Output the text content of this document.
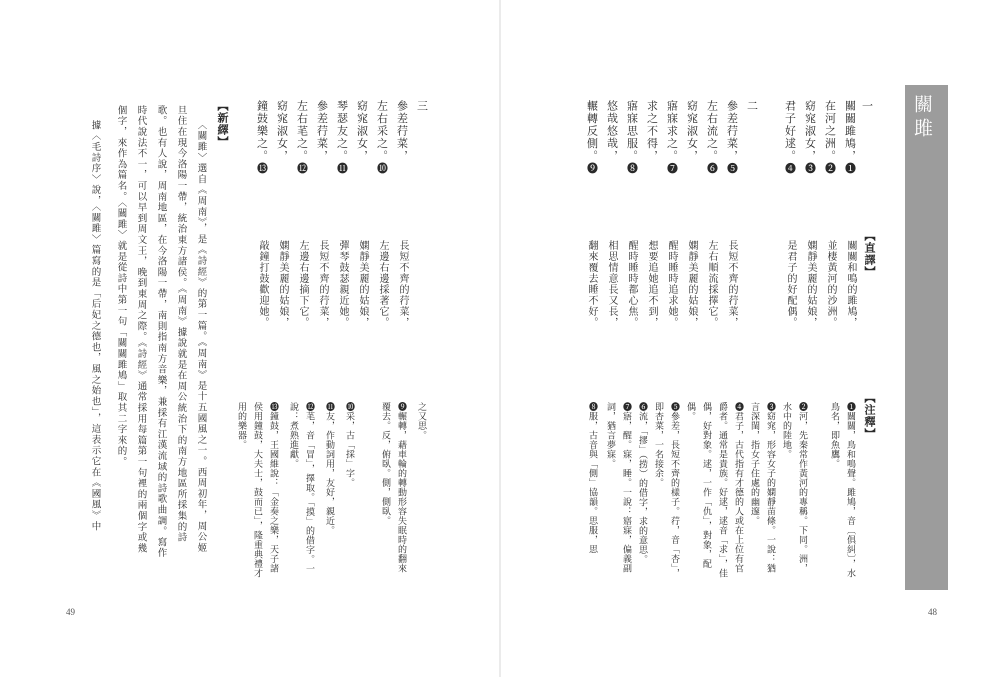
關雎
一
關關雎鳩，❶
在河之洲。❷
窈窕淑女，❸
君子好逑。❹
二
參差荇菜，❺
左右流之。❻
窈窕淑女，
寤寐求之。❼
求之不得，
寤寐思服。❽
悠哉悠哉，
輾轉反側。❾
【直譯】
關關和鳴的雎鳩，
並棲黃河的沙洲。
嫻靜美麗的姑娘，
是君子的好配偶。
長短不齊的荇菜，
左右順流採擇它。
嫻靜美麗的姑娘，
醒時睡時追求她。
想要追她追不到，
醒時睡時都心焦。
相思情意長又長，
翻來覆去睡不好。
【注釋】
❶關關，鳥和鳴聲。雎鳩，音〔俱糾〕，水鳥名，即魚鷹。
❷河，先秦常作黃河的專稱。下同。洲，水中的陸地。
❸窈窕，形容女子的嫻靜苗條。一說：猶言深閨，指女子住處的幽邃。
❹君子，古代指有才德的人或在上位有官爵者。通常是貴族。好逑，逑音「求」，佳偶，好對象。逑，一作「仇」，對象，配偶。
❺參差，長短不齊的樣子。荇，音「杏」，即杏菜，一名接余。
❻流，「摎」（捞）的借字，求的意思。
❼寤，醒。寐，睡。一說：寤寐，偏義副詞，猶言夢寐。
❽服，古音與「側」協韻。思服，思
48
三
參差荇菜，
左右采之。❿
窈窕淑女，
琴瑟友之。⓫
參差荇菜，
左右芼之。⓬
窈窕淑女，
鐘鼓樂之。⓭
長短不齊的荇菜，
左邊右邊採著它。
嫻靜美麗的姑娘，
彈琴鼓瑟親近她。
長短不齊的荇菜，
左邊右邊摘下它。
嫻靜美麗的姑娘，
敲鐘打鼓歡迎她。
之又思。
❾輾轉，藉車輪的轉動形容失眠時的翻來覆去。反，俯臥。側，側臥。
❿采，古「採」字。
⓫友，作動詞用，友好，親近。
⓬芼，音「冒」，擇取。「摸」的借字。一說：煮熟進獻。
⓭鐘鼓，王國維說：「金奏之樂，天子諸侯用鐘鼓，大夫士，鼓而已」，隆重典禮才用的樂器。
【新繹】
〈關雎〉選自《周南》，是《詩經》的第一篇。《周南》是十五國風之一。西周初年，周公姬
旦住在現今洛陽一帶，統治東方諸侯。《周南》據說就是在周公統治下的南方地區所採集的詩
歌。也有人說，周南地區，在今洛陽一帶，南則指南方音樂，兼採有江漢流域的詩歌曲調。寫作
時代說法不一，可以早到周文王，晚到東周之際。《詩經》通常採用每篇第一句裡的兩個字或幾
個字，來作為篇名。〈關雎〉就是從詩中第一句「關關雎鳩」取其二字來的。
據〈毛詩序〉說，〈關雎〉篇寫的是「后妃之德也，風之始也」，這表示它在《國風》中
49
